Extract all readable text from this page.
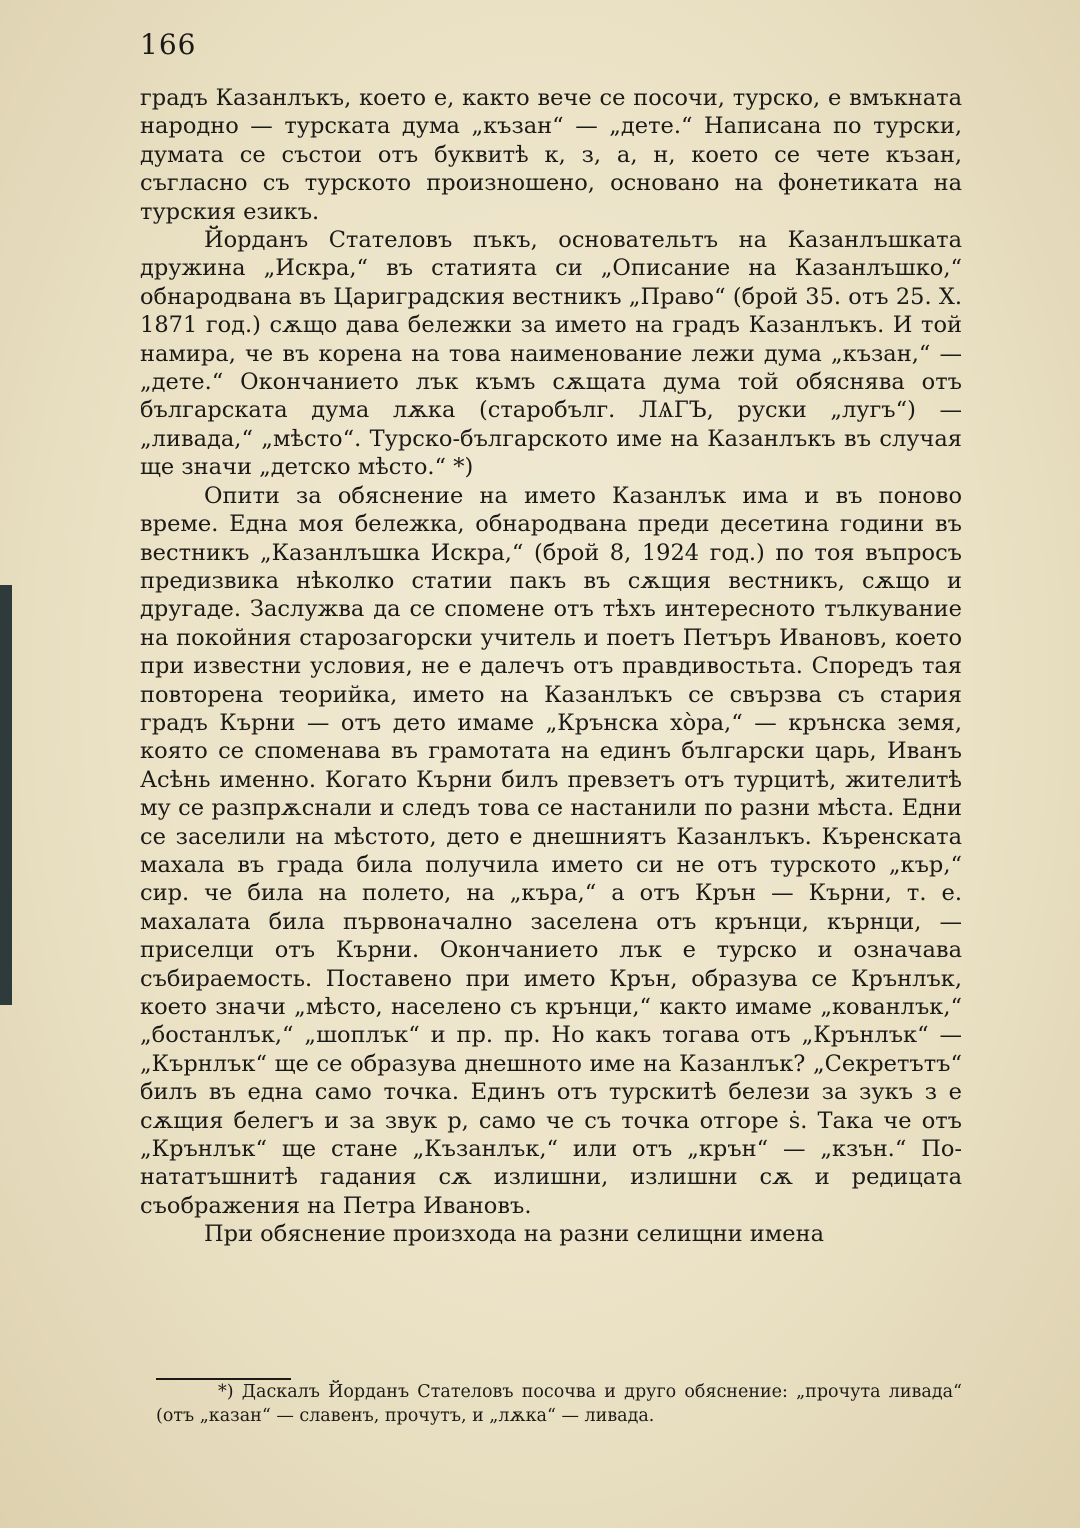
166

градъ Казанлъкъ, което е, както вече се посочи, турско, е вмъкната народно — турската дума „къзан“ — „дете.“ Написана по турски, думата се състои отъ буквитѣ к, з, а, н, което се чете къзан, съгласно съ турското произношено, основано на фонетиката на турския езикъ.

Йорданъ Стателовъ пъкъ, основательтъ на Казанлъшката дружина „Искра,“ въ статията си „Описание на Казанлъшко,“ обнародвана въ Цариградския вестникъ „Право“ (брой 35. отъ 25. X. 1871 год.) сѫщо дава бележки за името на градъ Казанлъкъ. И той намира, че въ корена на това наименование лежи дума „къзан,“ — „дете.“ Окончанието лък къмъ сѫщата дума той обяснява отъ българската дума лѫка (старобълг. ЛѦГЪ, руски „лугъ“) — „ливада,“ „мѣсто“. Турско-българското име на Казанлъкъ въ случая ще значи „детско мѣсто.“ *)

Опити за обяснение на името Казанлък има и въ поново време. Една моя бележка, обнародвана преди десетина години въ вестникъ „Казанлъшка Искра,“ (брой 8, 1924 год.) по тоя въпросъ предизвика нѣколко статии пакъ въ сѫщия вестникъ, сѫщо и другаде. Заслужва да се спомене отъ тѣхъ интересното тълкувание на покойния старозагорски учитель и поетъ Петъръ Ивановъ, което при известни условия, не е далечъ отъ правдивостьта. Споредъ тая повторена теорийка, името на Казанлъкъ се свързва съ стария градъ Кърни — отъ дето имаме „Крънска хòра,“ — крънска земя, която се споменава въ грамотата на единъ български царь, Иванъ Асѣнь именно. Когато Кърни билъ превзетъ отъ турцитѣ, жителитѣ му се разпрѫснали и следъ това се настанили по разни мѣста. Едни се заселили на мѣстото, дето е днешниятъ Казанлъкъ. Кърeнската махала въ града била получила името си не отъ турското „кър,“ сир. че била на полето, на „кърa,“ а отъ Крън — Кърни, т. е. махалата била първоначално заселена отъ крънци, кърнци, — приселци отъ Кърни. Окончанието лък е турско и означава събираемость. Поставено при името Крън, образува се Крънлък, което значи „мѣсто, населено съ крънци,“ както имаме „кованлък,“ „бостанлък,“ „шоплък“ и пр. пр. Но какъ тогава отъ „Крънлък“ — „Кърнлък“ ще се образува днешното име на Казанлък? „Секретътъ“ билъ въ една само точка. Единъ отъ турскитѣ белези за зукъ з е сѫщия белегъ и за звук р, само че съ точка отгоре ṡ. Така че отъ „Крънлък“ ще стане „Къзанлък,“ или отъ „крън“ — „кзън.“ По-нататъшнитѣ гадания сѫ излишни, излишни сѫ и редицата съображения на Петра Ивановъ.

При обяснение произхода на разни селищни имена

*) Даскалъ Йорданъ Стателовъ посочва и друго обяснение: „прочута ливада“ (отъ „казан“ — славенъ, прочутъ, и „лѫка“ — ливада.
